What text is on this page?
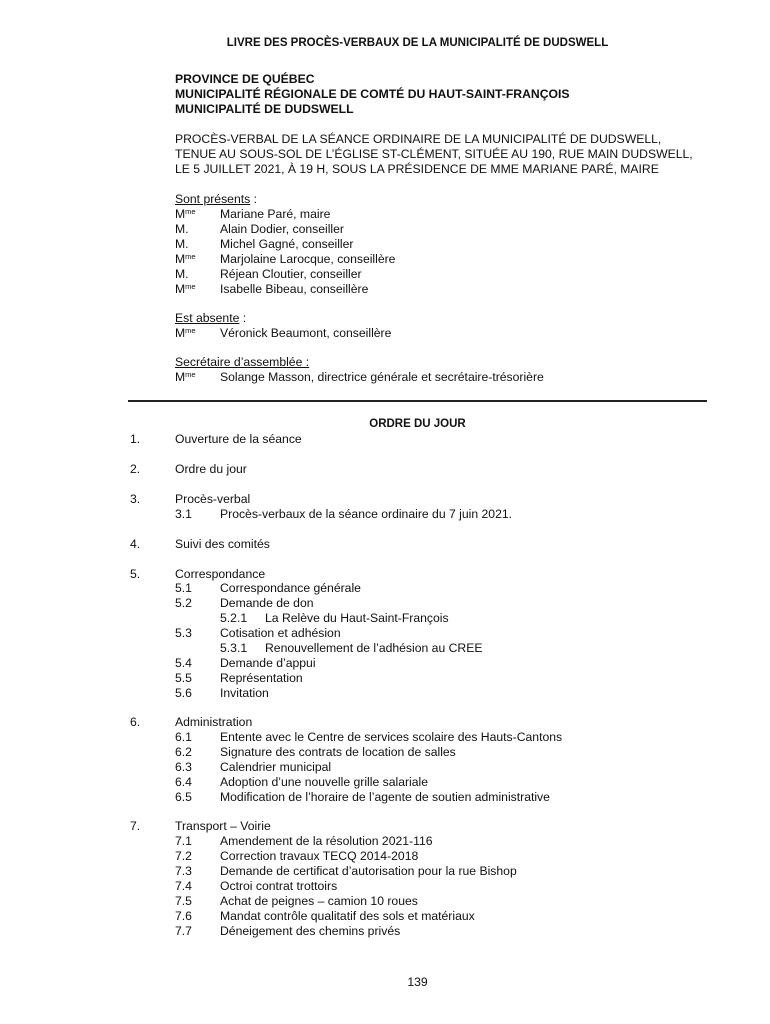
LIVRE DES PROCÈS-VERBAUX DE LA MUNICIPALITÉ DE DUDSWELL
PROVINCE DE QUÉBEC
MUNICIPALITÉ RÉGIONALE DE COMTÉ DU HAUT-SAINT-FRANÇOIS
MUNICIPALITÉ DE DUDSWELL
PROCÈS-VERBAL DE LA SÉANCE ORDINAIRE DE LA MUNICIPALITÉ DE DUDSWELL,
TENUE AU SOUS-SOL DE L’ÉGLISE ST-CLÉMENT, SITUÉE AU 190, RUE MAIN DUDSWELL,
LE 5 JUILLET 2021, À 19 H, SOUS LA PRÉSIDENCE DE MME MARIANE PARÉ, MAIRE
Sont présents :
$M^{me}$ Mariane Paré, maire
M.	Alain Dodier, conseiller
M.	Michel Gagné, conseiller
$M^{me}$ Marjolaine Larocque, conseillère
M.	Réjean Cloutier, conseiller
$M^{me}$ Isabelle Bibeau, conseillère
Est absente :
$M^{me}$ Véronick Beaumont, conseillère
Secrétaire d’assemblée :
$M^{me}$ Solange Masson, directrice générale et secrétaire-trésorière
ORDRE DU JOUR
1.	Ouverture de la séance
2.	Ordre du jour
3.	Procès-verbal
3.1 Procès-verbaux de la séance ordinaire du 7 juin 2021.
4.	Suivi des comités
5.	Correspondance
5.1 Correspondance générale
5.2 Demande de don
5.2.1 La Relève du Haut-Saint-François
5.3 Cotisation et adhésion
5.3.1 Renouvellement de l’adhésion au CREE
5.4 Demande d’appui
5.5 Représentation
5.6 Invitation
6.	Administration
6.1 Entente avec le Centre de services scolaire des Hauts-Cantons
6.2 Signature des contrats de location de salles
6.3 Calendrier municipal
6.4 Adoption d’une nouvelle grille salariale
6.5 Modification de l’horaire de l’agente de soutien administrative
7.	Transport – Voirie
7.1 Amendement de la résolution 2021-116
7.2 Correction travaux TECQ 2014-2018
7.3 Demande de certificat d’autorisation pour la rue Bishop
7.4 Octroi contrat trottoirs
7.5 Achat de peignes – camion 10 roues
7.6 Mandat contrôle qualitatif des sols et matériaux
7.7 Déneigement des chemins privés
139
